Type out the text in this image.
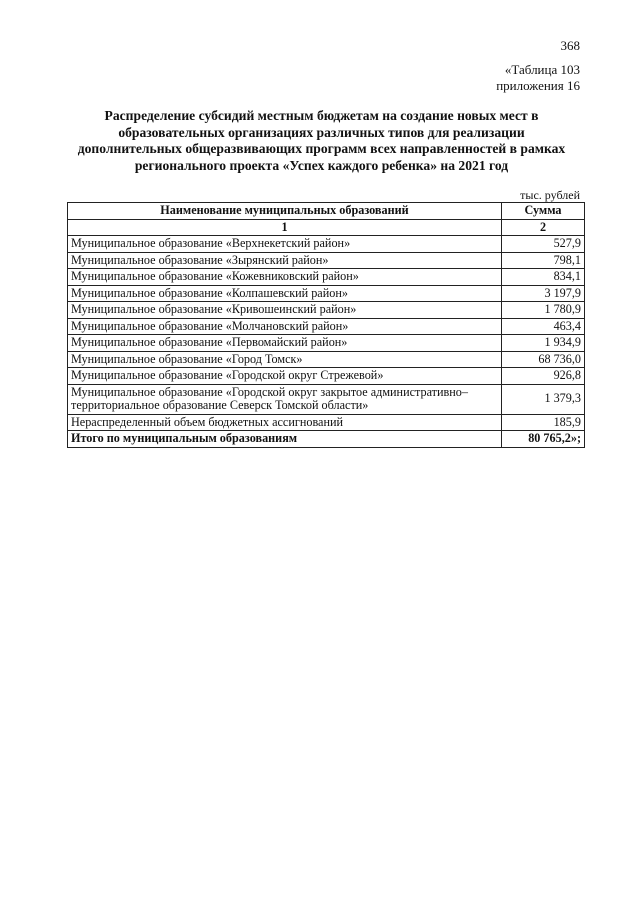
368
«Таблица 103
приложения 16
Распределение субсидий местным бюджетам на создание новых мест в
образовательных организациях различных типов для реализации
дополнительных общеразвивающих программ всех направленностей в рамках
регионального проекта «Успех каждого ребенка» на 2021 год
тыс. рублей
Наименование муниципальных образований	Сумма
1	2
Муниципальное образование «Верхнекетский район»	527,9
Муниципальное образование «Зырянский район»	798,1
Муниципальное образование «Кожевниковский район»	834,1
Муниципальное образование «Колпашевский район»	3 197,9
Муниципальное образование «Кривошеинский район»	1 780,9
Муниципальное образование «Молчановский район»	463,4
Муниципальное образование «Первомайский район»	1 934,9
Муниципальное образование «Город Томск»	68 736,0
Муниципальное образование «Городской округ Стрежевой»	926,8
Муниципальное образование «Городской округ закрытое административно–территориальное образование Северск Томской области»	1 379,3
Нераспределенный объем бюджетных ассигнований	185,9
Итого по муниципальным образованиям	80 765,2»;
